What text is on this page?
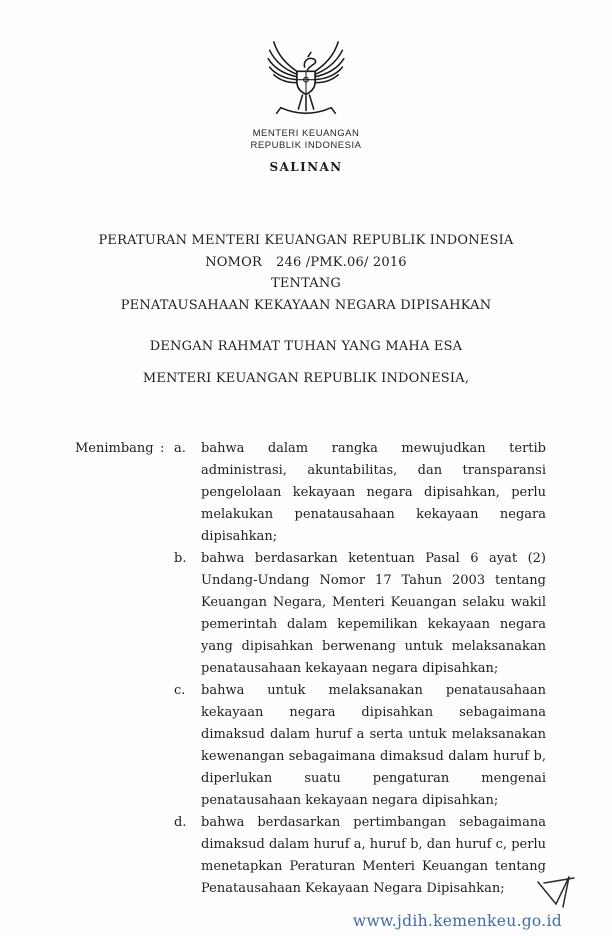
MENTERI KEUANGAN
REPUBLIK INDONESIA
SALINAN
PERATURAN MENTERI KEUANGAN REPUBLIK INDONESIA
NOMOR 246 /PMK.06/ 2016
TENTANG
PENATAUSAHAAN KEKAYAAN NEGARA DIPISAHKAN
DENGAN RAHMAT TUHAN YANG MAHA ESA
MENTERI KEUANGAN REPUBLIK INDONESIA,
Menimbang : a.	bahwa dalam rangka mewujudkan tertib administrasi, akuntabilitas, dan transparansi pengelolaan kekayaan negara dipisahkan, perlu melakukan penatausahaan kekayaan negara dipisahkan;
b.	bahwa berdasarkan ketentuan Pasal 6 ayat (2) Undang-Undang Nomor 17 Tahun 2003 tentang Keuangan Negara, Menteri Keuangan selaku wakil pemerintah dalam kepemilikan kekayaan negara yang dipisahkan berwenang untuk melaksanakan penatausahaan kekayaan negara dipisahkan;
c.	bahwa untuk melaksanakan penatausahaan kekayaan negara dipisahkan sebagaimana dimaksud dalam huruf a serta untuk melaksanakan kewenangan sebagaimana dimaksud dalam huruf b, diperlukan suatu pengaturan mengenai penatausahaan kekayaan negara dipisahkan;
d.	bahwa berdasarkan pertimbangan sebagaimana dimaksud dalam huruf a, huruf b, dan huruf c, perlu menetapkan Peraturan Menteri Keuangan tentang Penatausahaan Kekayaan Negara Dipisahkan;
www.jdih.kemenkeu.go.id
